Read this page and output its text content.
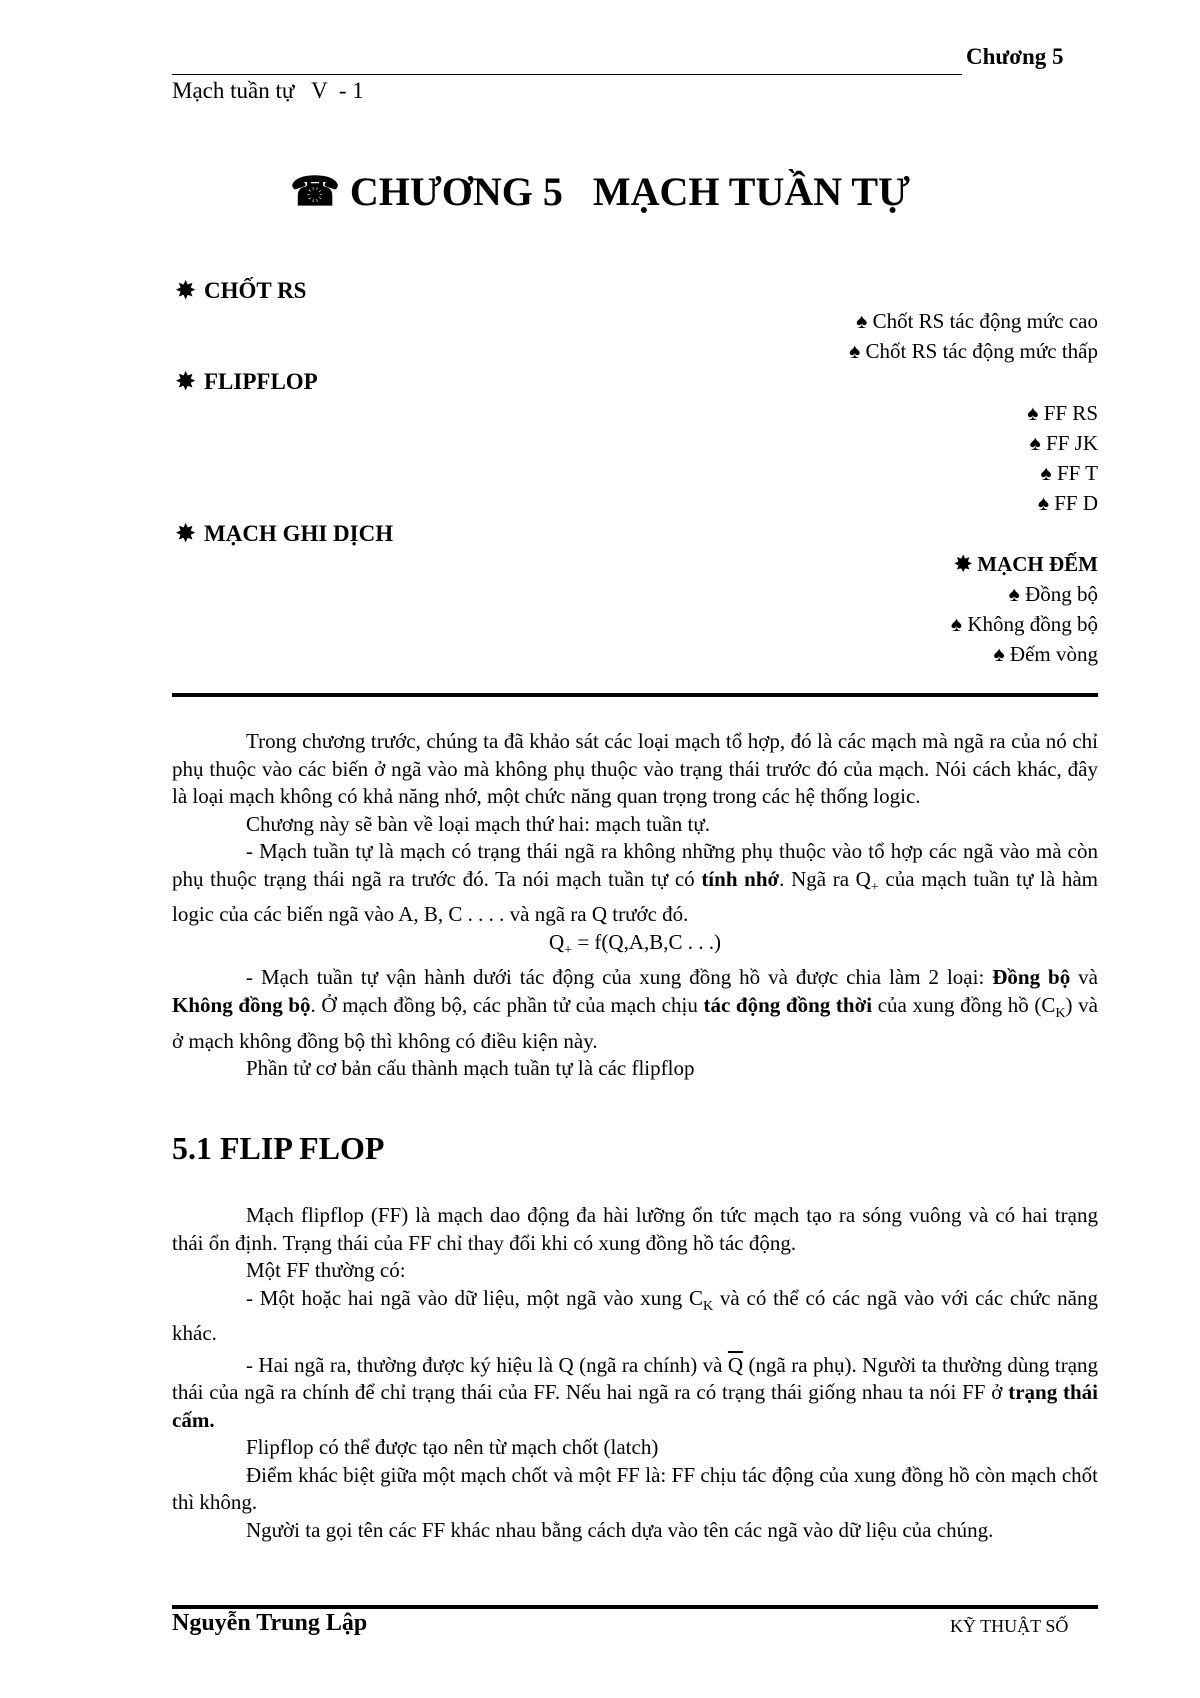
Chương 5
Mạch tuần tự   V  - 1
☎ CHƯƠNG 5   MẠCH TUẦN TỰ
✸ CHỐT RS
♠ Chốt RS tác động mức cao
♠ Chốt RS tác động mức thấp
✸ FLIPFLOP
♠ FF RS
♠ FF JK
♠ FF T
♠ FF D
✸ MẠCH GHI DỊCH
✸ MẠCH ĐẾM
♠ Đồng bộ
♠ Không đồng bộ
♠ Đếm vòng

Trong chương trước, chúng ta đã khảo sát các loại mạch tổ hợp, đó là các mạch mà ngã ra của nó chỉ phụ thuộc vào các biến ở ngã vào mà không phụ thuộc vào trạng thái trước đó của mạch. Nói cách khác, đây là loại mạch không có khả năng nhớ, một chức năng quan trọng trong các hệ thống logic.

Chương này sẽ bàn về loại mạch thứ hai: mạch tuần tự.

- Mạch tuần tự là mạch có trạng thái ngã ra không những phụ thuộc vào tổ hợp các ngã vào mà còn phụ thuộc trạng thái ngã ra trước đó. Ta nói mạch tuần tự có tính nhớ. Ngã ra $Q_+$ của mạch tuần tự là hàm logic của các biến ngã vào A, B, C . . . . và ngã ra Q trước đó.

$Q_+ = f(Q,A,B,C$ . . .)

- Mạch tuần tự vận hành dưới tác động của xung đồng hồ và được chia làm 2 loại: Đồng bộ và Không đồng bộ. Ở mạch đồng bộ, các phần tử của mạch chịu tác động đồng thời của xung đồng hồ $(C_K)$ và ở mạch không đồng bộ thì không có điều kiện này.

Phần tử cơ bản cấu thành mạch tuần tự là các flipflop

5.1 FLIP FLOP

Mạch flipflop (FF) là mạch dao động đa hài lưỡng ổn tức mạch tạo ra sóng vuông và có hai trạng thái ổn định. Trạng thái của FF chỉ thay đổi khi có xung đồng hồ tác động.

Một FF thường có:

- Một hoặc hai ngã vào dữ liệu, một ngã vào xung $C_K$ và có thể có các ngã vào với các chức năng khác.

- Hai ngã ra, thường được ký hiệu là Q (ngã ra chính) và $\overline{Q}$ (ngã ra phụ). Người ta thường dùng trạng thái của ngã ra chính để chỉ trạng thái của FF. Nếu hai ngã ra có trạng thái giống nhau ta nói FF ở trạng thái cấm.

Flipflop có thể được tạo nên từ mạch chốt (latch)

Điểm khác biệt giữa một mạch chốt và một FF là: FF chịu tác động của xung đồng hồ còn mạch chốt thì không.

Người ta gọi tên các FF khác nhau bằng cách dựa vào tên các ngã vào dữ liệu của chúng.

Nguyễn Trung Lập	KỸ THUẬT SỐ
